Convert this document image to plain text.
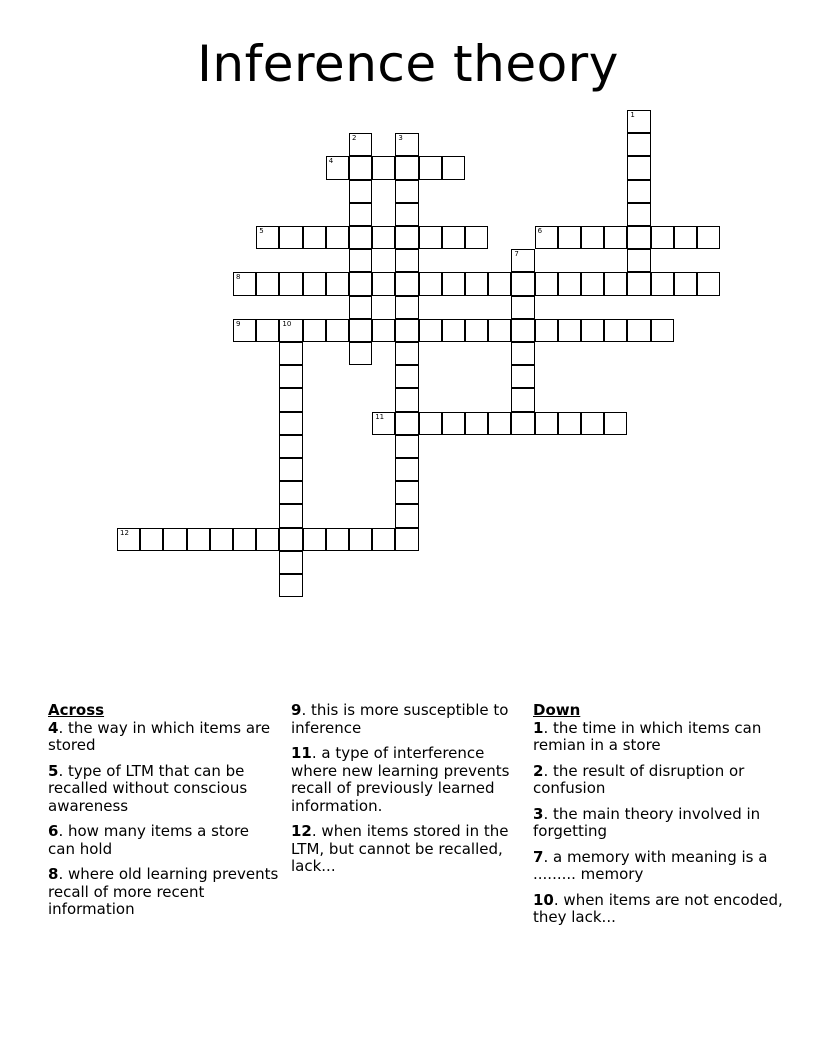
Inference theory
1
2	3
4
5	6
7
8
9	10
11
12
Across
4. the way in which items are stored
5. type of LTM that can be recalled without conscious awareness
6. how many items a store can hold
8. where old learning prevents recall of more recent information
9. this is more susceptible to inference
11. a type of interference where new learning prevents recall of previously learned information.
12. when items stored in the LTM, but cannot be recalled, lack...
Down
1. the time in which items can remian in a store
2. the result of disruption or confusion
3. the main theory involved in forgetting
7. a memory with meaning is a ......... memory
10. when items are not encoded, they lack...
